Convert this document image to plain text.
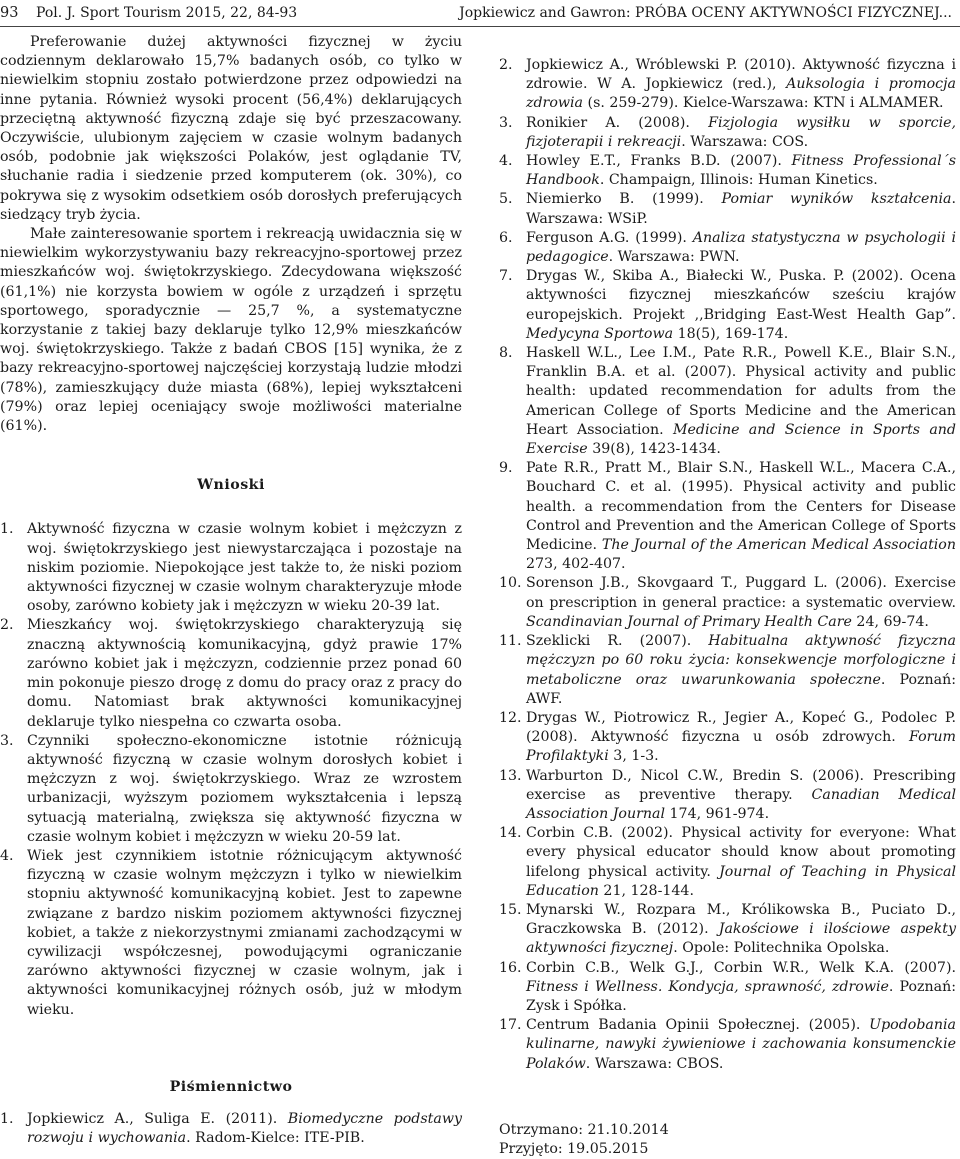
93 Pol. J. Sport Tourism 2015, 22, 84-93	Jopkiewicz and Gawron: PRÓBA OCENY AKTYWNOŚCI FIZYCZNEJ...

Preferowanie dużej aktywności fizycznej w życiu codziennym deklarowało 15,7% badanych osób, co tylko w niewielkim stopniu zostało potwierdzone przez odpowiedzi na inne pytania. Również wysoki procent (56,4%) deklarujących przeciętną aktywność fizyczną zdaje się być przeszacowany. Oczywiście, ulubionym zajęciem w czasie wolnym badanych osób, podobnie jak większości Polaków, jest oglądanie TV, słuchanie radia i siedzenie przed komputerem (ok. 30%), co pokrywa się z wysokim odsetkiem osób dorosłych preferujących siedzący tryb życia.

Małe zainteresowanie sportem i rekreacją uwidacznia się w niewielkim wykorzystywaniu bazy rekreacyjno-sportowej przez mieszkańców woj. świętokrzyskiego. Zdecydowana większość (61,1%) nie korzysta bowiem w ogóle z urządzeń i sprzętu sportowego, sporadycznie — 25,7 %, a systematyczne korzystanie z takiej bazy deklaruje tylko 12,9% mieszkańców woj. świętokrzyskiego. Także z badań CBOS [15] wynika, że z bazy rekreacyjno-sportowej najczęściej korzystają ludzie młodzi (78%), zamieszkujący duże miasta (68%), lepiej wykształceni (79%) oraz lepiej oceniający swoje możliwości materialne (61%).

Wnioski
1. Aktywność fizyczna w czasie wolnym kobiet i mężczyzn z woj. świętokrzyskiego jest niewystarczająca i pozostaje na niskim poziomie. Niepokojące jest także to, że niski poziom aktywności fizycznej w czasie wolnym charakteryzuje młode osoby, zarówno kobiety jak i mężczyzn w wieku 20-39 lat.
2. Mieszkańcy woj. świętokrzyskiego charakteryzują się znaczną aktywnością komunikacyjną, gdyż prawie 17% zarówno kobiet jak i mężczyzn, codziennie przez ponad 60 min pokonuje pieszo drogę z domu do pracy oraz z pracy do domu. Natomiast brak aktywności komunikacyjnej deklaruje tylko niespełna co czwarta osoba.
3. Czynniki społeczno-ekonomiczne istotnie różnicują aktywność fizyczną w czasie wolnym dorosłych kobiet i mężczyzn z woj. świętokrzyskiego. Wraz ze wzrostem urbanizacji, wyższym poziomem wykształcenia i lepszą sytuacją materialną, zwiększa się aktywność fizyczna w czasie wolnym kobiet i mężczyzn w wieku 20-59 lat.
4. Wiek jest czynnikiem istotnie różnicującym aktywność fizyczną w czasie wolnym mężczyzn i tylko w niewielkim stopniu aktywność komunikacyjną kobiet. Jest to zapewne związane z bardzo niskim poziomem aktywności fizycznej kobiet, a także z niekorzystnymi zmianami zachodzącymi w cywilizacji współczesnej, powodującymi ograniczanie zarówno aktywności fizycznej w czasie wolnym, jak i aktywności komunikacyjnej różnych osób, już w młodym wieku.
Piśmiennictwo
1. Jopkiewicz A., Suliga E. (2011). Biomedyczne podstawy rozwoju i wychowania. Radom-Kielce: ITE-PIB.
2. Jopkiewicz A., Wróblewski P. (2010). Aktywność fizyczna i zdrowie. W A. Jopkiewicz (red.), Auksologia i promocja zdrowia (s. 259-279). Kielce-Warszawa: KTN i ALMAMER.
3. Ronikier A. (2008). Fizjologia wysiłku w sporcie, fizjoterapii i rekreacji. Warszawa: COS.
4. Howley E.T., Franks B.D. (2007). Fitness Professional´s Handbook. Champaign, Illinois: Human Kinetics.
5. Niemierko B. (1999). Pomiar wyników kształcenia. Warszawa: WSiP.
6. Ferguson A.G. (1999). Analiza statystyczna w psychologii i pedagogice. Warszawa: PWN.
7. Drygas W., Skiba A., Białecki W., Puska. P. (2002). Ocena aktywności fizycznej mieszkańców sześciu krajów europejskich. Projekt ,,Bridging East-West Health Gap”. Medycyna Sportowa 18(5), 169-174.
8. Haskell W.L., Lee I.M., Pate R.R., Powell K.E., Blair S.N., Franklin B.A. et al. (2007). Physical activity and public health: updated recommendation for adults from the American College of Sports Medicine and the American Heart Association. Medicine and Science in Sports and Exercise 39(8), 1423-1434.
9. Pate R.R., Pratt M., Blair S.N., Haskell W.L., Macera C.A., Bouchard C. et al. (1995). Physical activity and public health. a recommendation from the Centers for Disease Control and Prevention and the American College of Sports Medicine. The Journal of the American Medical Association 273, 402-407.
10. Sorenson J.B., Skovgaard T., Puggard L. (2006). Exercise on prescription in general practice: a systematic overview. Scandinavian Journal of Primary Health Care 24, 69-74.
11. Szeklicki R. (2007). Habitualna aktywność fizyczna mężczyzn po 60 roku życia: konsekwencje morfologiczne i metaboliczne oraz uwarunkowania społeczne. Poznań: AWF.
12. Drygas W., Piotrowicz R., Jegier A., Kopeć G., Podolec P. (2008). Aktywność fizyczna u osób zdrowych. Forum Profilaktyki 3, 1-3.
13. Warburton D., Nicol C.W., Bredin S. (2006). Prescribing exercise as preventive therapy. Canadian Medical Association Journal 174, 961-974.
14. Corbin C.B. (2002). Physical activity for everyone: What every physical educator should know about promoting lifelong physical activity. Journal of Teaching in Physical Education 21, 128-144.
15. Mynarski W., Rozpara M., Królikowska B., Puciato D., Graczkowska B. (2012). Jakościowe i ilościowe aspekty aktywności fizycznej. Opole: Politechnika Opolska.
16. Corbin C.B., Welk G.J., Corbin W.R., Welk K.A. (2007). Fitness i Wellness. Kondycja, sprawność, zdrowie. Poznań: Zysk i Spółka.
17. Centrum Badania Opinii Społecznej. (2005). Upodobania kulinarne, nawyki żywieniowe i zachowania konsumenckie Polaków. Warszawa: CBOS.
Otrzymano: 21.10.2014
Przyjęto: 19.05.2015
